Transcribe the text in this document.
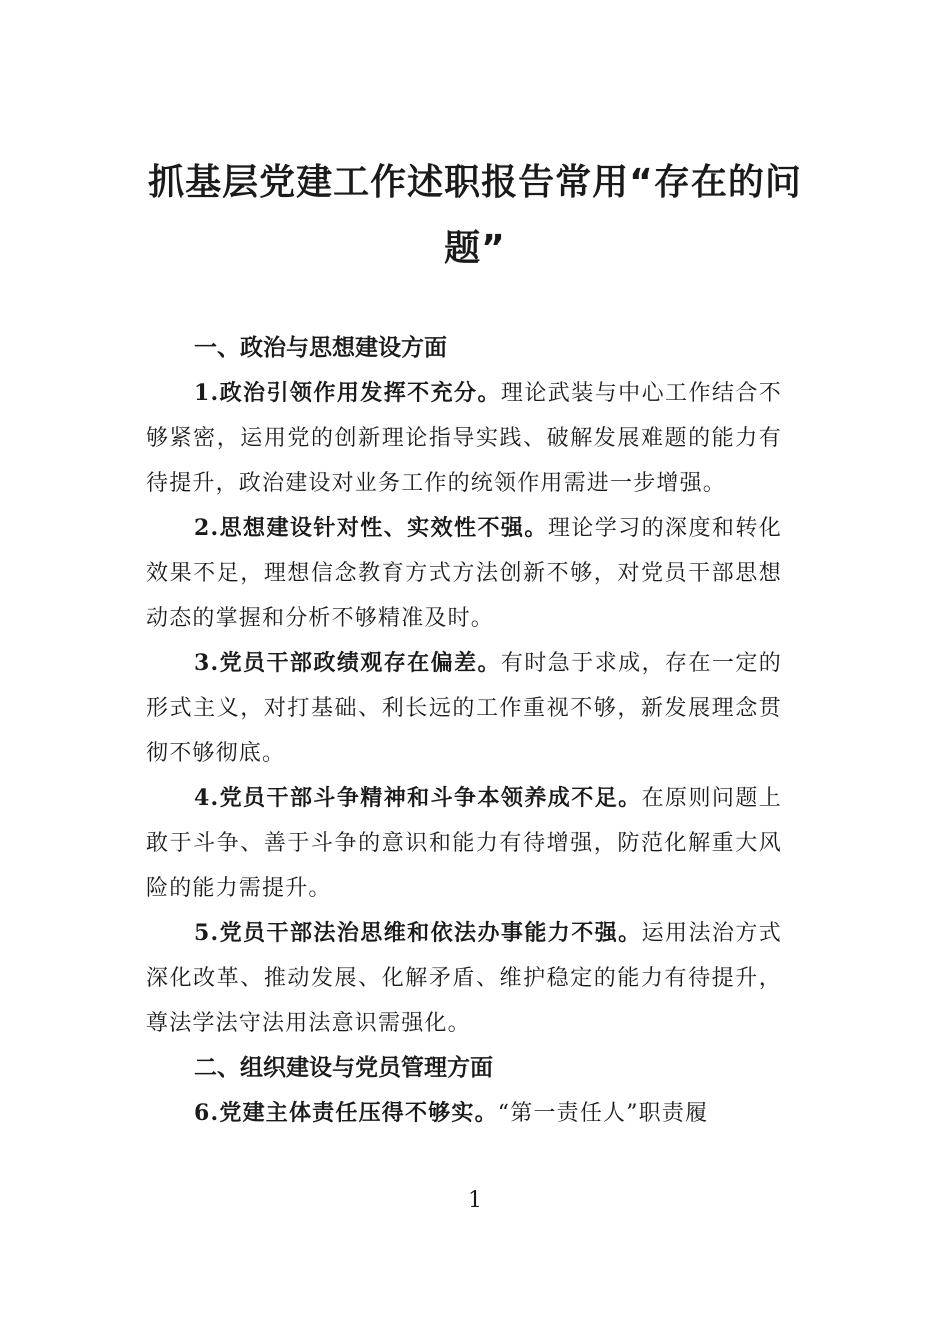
抓基层党建工作述职报告常用“存在的问题”

一、政治与思想建设方面

1.政治引领作用发挥不充分。理论武装与中心工作结合不够紧密，运用党的创新理论指导实践、破解发展难题的能力有待提升，政治建设对业务工作的统领作用需进一步增强。

2.思想建设针对性、实效性不强。理论学习的深度和转化效果不足，理想信念教育方式方法创新不够，对党员干部思想动态的掌握和分析不够精准及时。

3.党员干部政绩观存在偏差。有时急于求成，存在一定的形式主义，对打基础、利长远的工作重视不够，新发展理念贯彻不够彻底。

4.党员干部斗争精神和斗争本领养成不足。在原则问题上敢于斗争、善于斗争的意识和能力有待增强，防范化解重大风险的能力需提升。

5.党员干部法治思维和依法办事能力不强。运用法治方式深化改革、推动发展、化解矛盾、维护稳定的能力有待提升，尊法学法守法用法意识需强化。

二、组织建设与党员管理方面

6.党建主体责任压得不够实。“第一责任人”职责履

1
